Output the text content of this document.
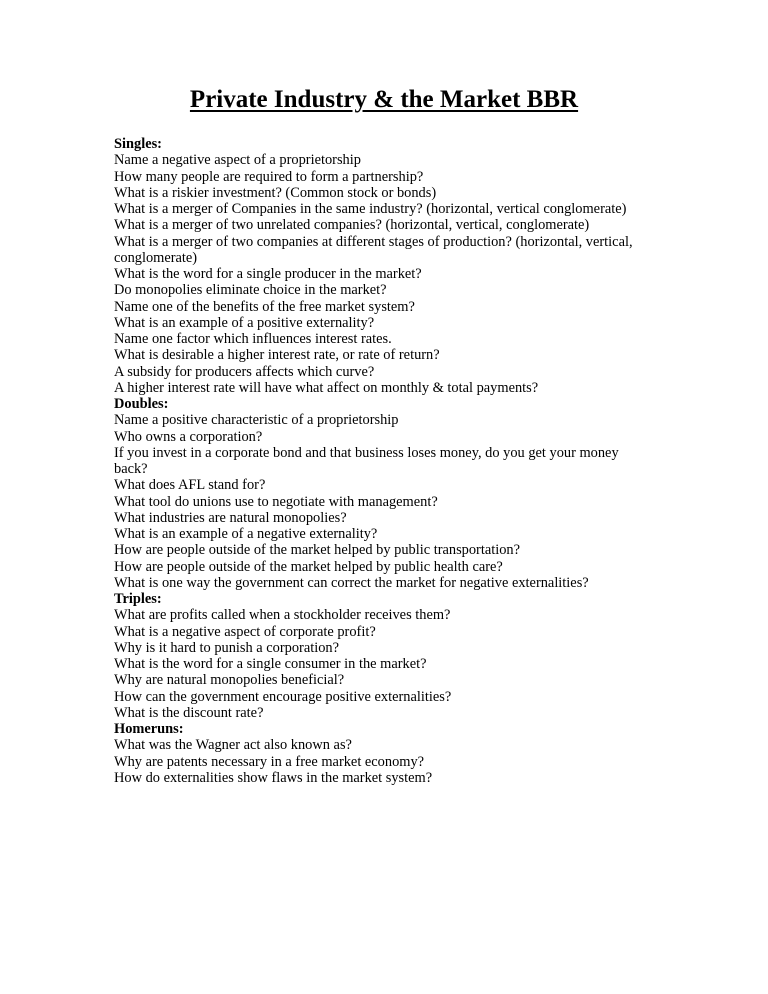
Private Industry & the Market BBR

Singles:

Name a negative aspect of a proprietorship

How many people are required to form a partnership?

What is a riskier investment? (Common stock or bonds)

What is a merger of Companies in the same industry? (horizontal, vertical conglomerate)

What is a merger of two unrelated companies? (horizontal, vertical, conglomerate)

What is a merger of two companies at different stages of production? (horizontal, vertical, conglomerate)

What is the word for a single producer in the market?

Do monopolies eliminate choice in the market?

Name one of the benefits of the free market system?

What is an example of a positive externality?

Name one factor which influences interest rates.

What is desirable a higher interest rate, or rate of return?

A subsidy for producers affects which curve?

A higher interest rate will have what affect on monthly & total payments?

Doubles:

Name a positive characteristic of a proprietorship

Who owns a corporation?

If you invest in a corporate bond and that business loses money, do you get your money back?

What does AFL stand for?

What tool do unions use to negotiate with management?

What industries are natural monopolies?

What is an example of a negative externality?

How are people outside of the market helped by public transportation?

How are people outside of the market helped by public health care?

What is one way the government can correct the market for negative externalities?

Triples:

What are profits called when a stockholder receives them?

What is a negative aspect of corporate profit?

Why is it hard to punish a corporation?

What is the word for a single consumer in the market?

Why are natural monopolies beneficial?

How can the government encourage positive externalities?

What is the discount rate?

Homeruns:

What was the Wagner act also known as?

Why are patents necessary in a free market economy?

How do externalities show flaws in the market system?
